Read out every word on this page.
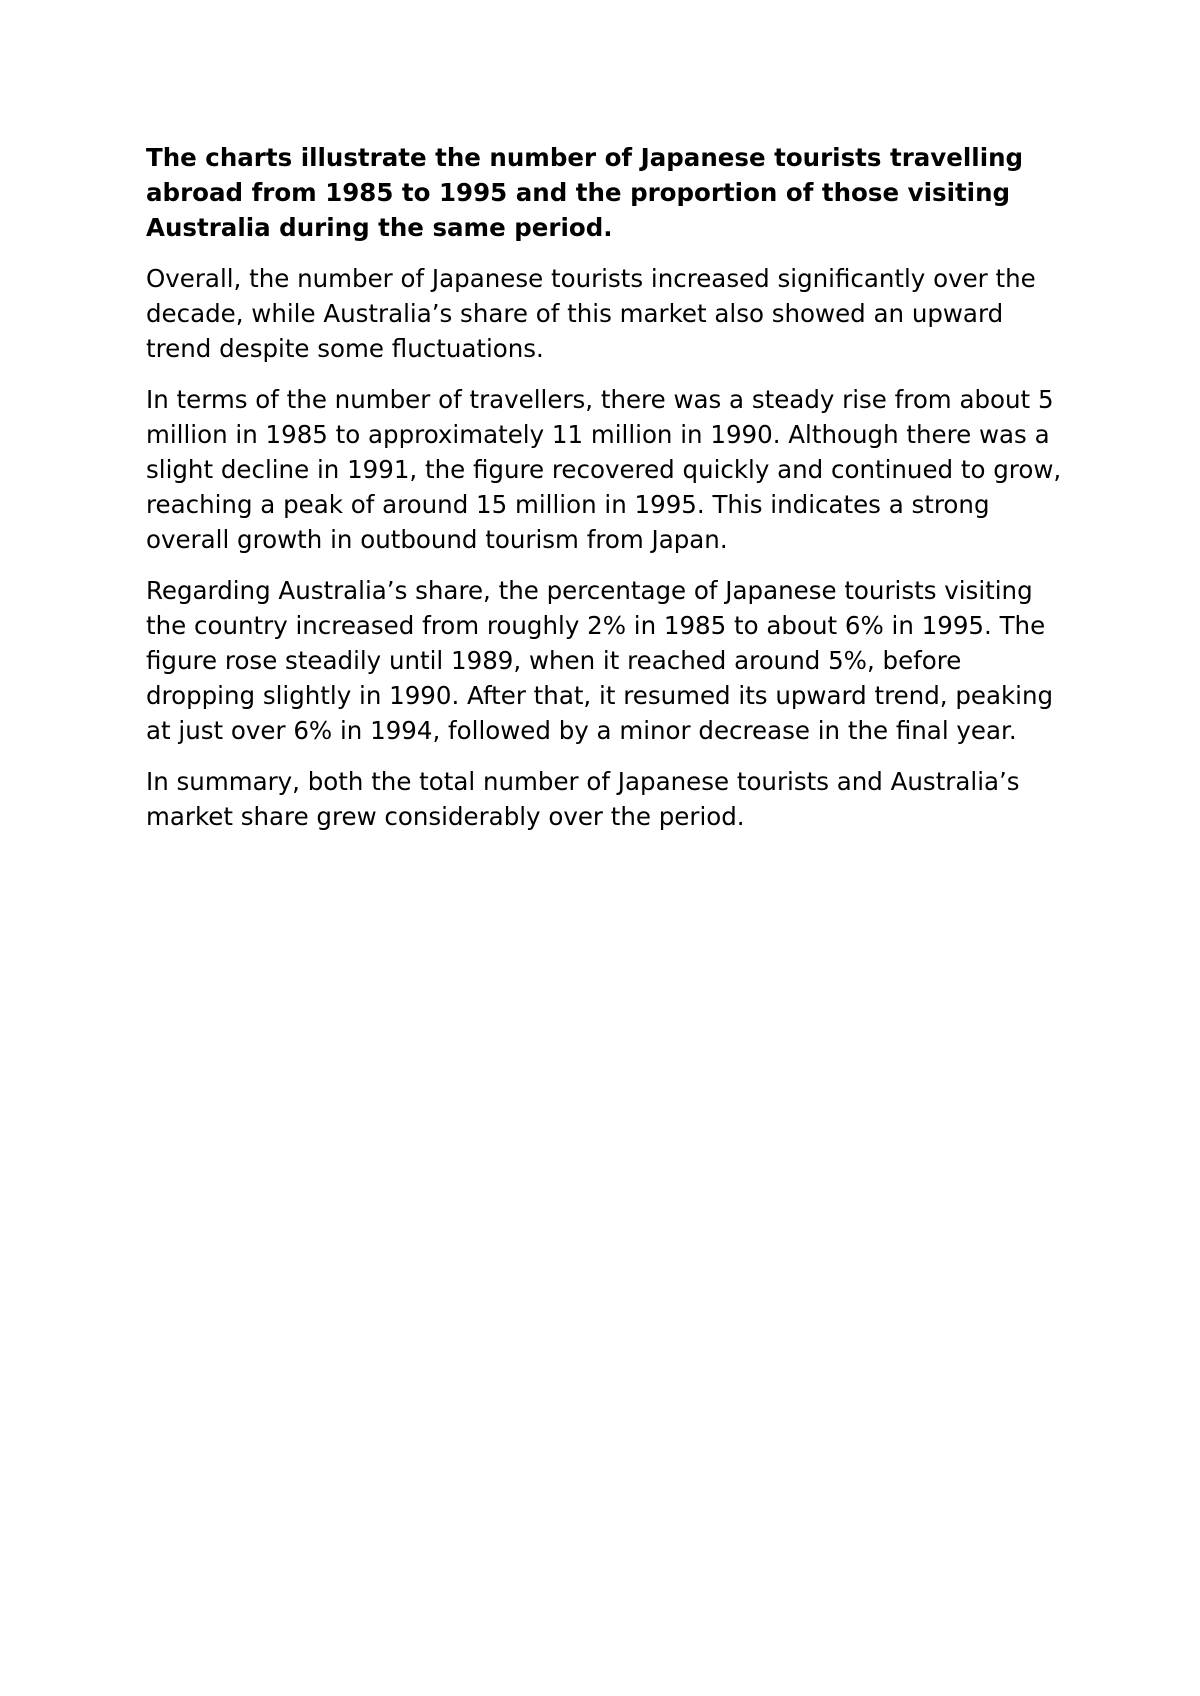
The charts illustrate the number of Japanese tourists travelling abroad from 1985 to 1995 and the proportion of those visiting Australia during the same period.

Overall, the number of Japanese tourists increased significantly over the decade, while Australia’s share of this market also showed an upward trend despite some fluctuations.

In terms of the number of travellers, there was a steady rise from about 5 million in 1985 to approximately 11 million in 1990. Although there was a slight decline in 1991, the figure recovered quickly and continued to grow, reaching a peak of around 15 million in 1995. This indicates a strong overall growth in outbound tourism from Japan.

Regarding Australia’s share, the percentage of Japanese tourists visiting the country increased from roughly 2% in 1985 to about 6% in 1995. The figure rose steadily until 1989, when it reached around 5%, before dropping slightly in 1990. After that, it resumed its upward trend, peaking at just over 6% in 1994, followed by a minor decrease in the final year.

In summary, both the total number of Japanese tourists and Australia’s market share grew considerably over the period.
